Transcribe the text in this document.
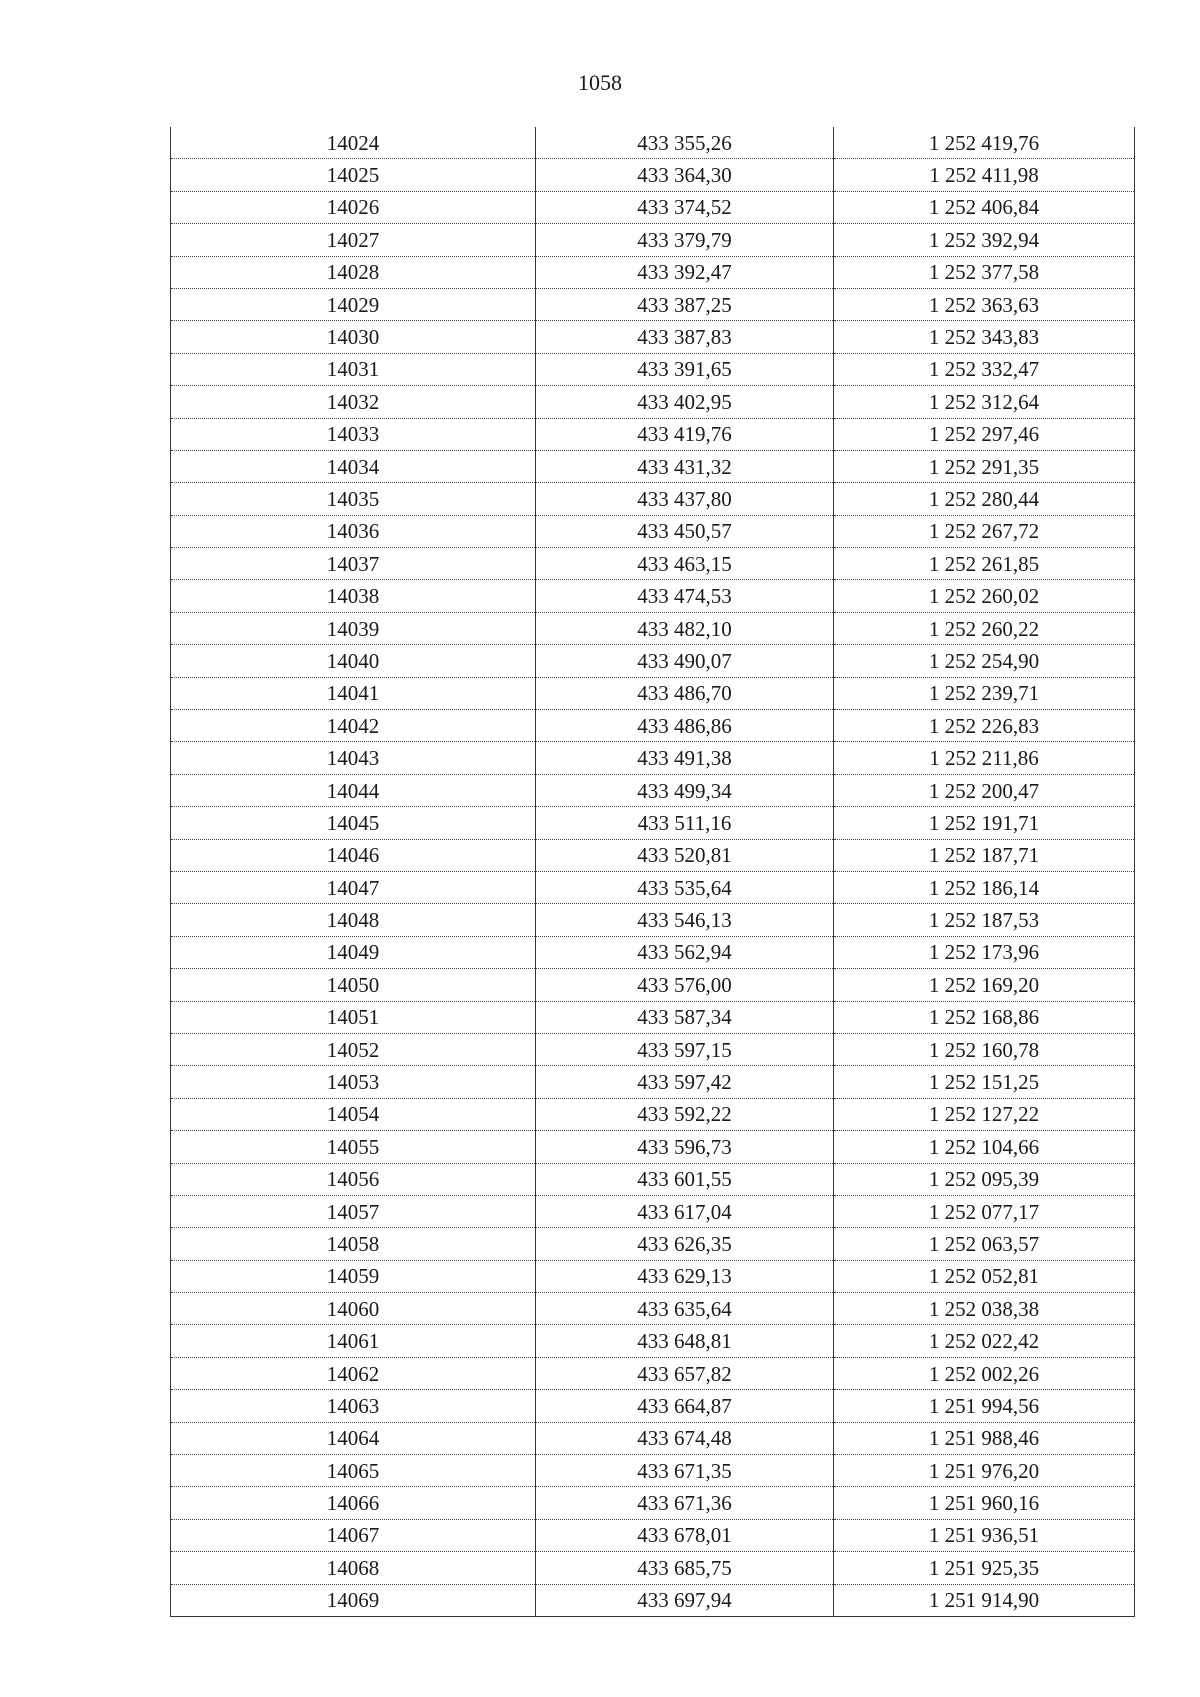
1058
14024	433 355,26	1 252 419,76
14025	433 364,30	1 252 411,98
14026	433 374,52	1 252 406,84
14027	433 379,79	1 252 392,94
14028	433 392,47	1 252 377,58
14029	433 387,25	1 252 363,63
14030	433 387,83	1 252 343,83
14031	433 391,65	1 252 332,47
14032	433 402,95	1 252 312,64
14033	433 419,76	1 252 297,46
14034	433 431,32	1 252 291,35
14035	433 437,80	1 252 280,44
14036	433 450,57	1 252 267,72
14037	433 463,15	1 252 261,85
14038	433 474,53	1 252 260,02
14039	433 482,10	1 252 260,22
14040	433 490,07	1 252 254,90
14041	433 486,70	1 252 239,71
14042	433 486,86	1 252 226,83
14043	433 491,38	1 252 211,86
14044	433 499,34	1 252 200,47
14045	433 511,16	1 252 191,71
14046	433 520,81	1 252 187,71
14047	433 535,64	1 252 186,14
14048	433 546,13	1 252 187,53
14049	433 562,94	1 252 173,96
14050	433 576,00	1 252 169,20
14051	433 587,34	1 252 168,86
14052	433 597,15	1 252 160,78
14053	433 597,42	1 252 151,25
14054	433 592,22	1 252 127,22
14055	433 596,73	1 252 104,66
14056	433 601,55	1 252 095,39
14057	433 617,04	1 252 077,17
14058	433 626,35	1 252 063,57
14059	433 629,13	1 252 052,81
14060	433 635,64	1 252 038,38
14061	433 648,81	1 252 022,42
14062	433 657,82	1 252 002,26
14063	433 664,87	1 251 994,56
14064	433 674,48	1 251 988,46
14065	433 671,35	1 251 976,20
14066	433 671,36	1 251 960,16
14067	433 678,01	1 251 936,51
14068	433 685,75	1 251 925,35
14069	433 697,94	1 251 914,90
